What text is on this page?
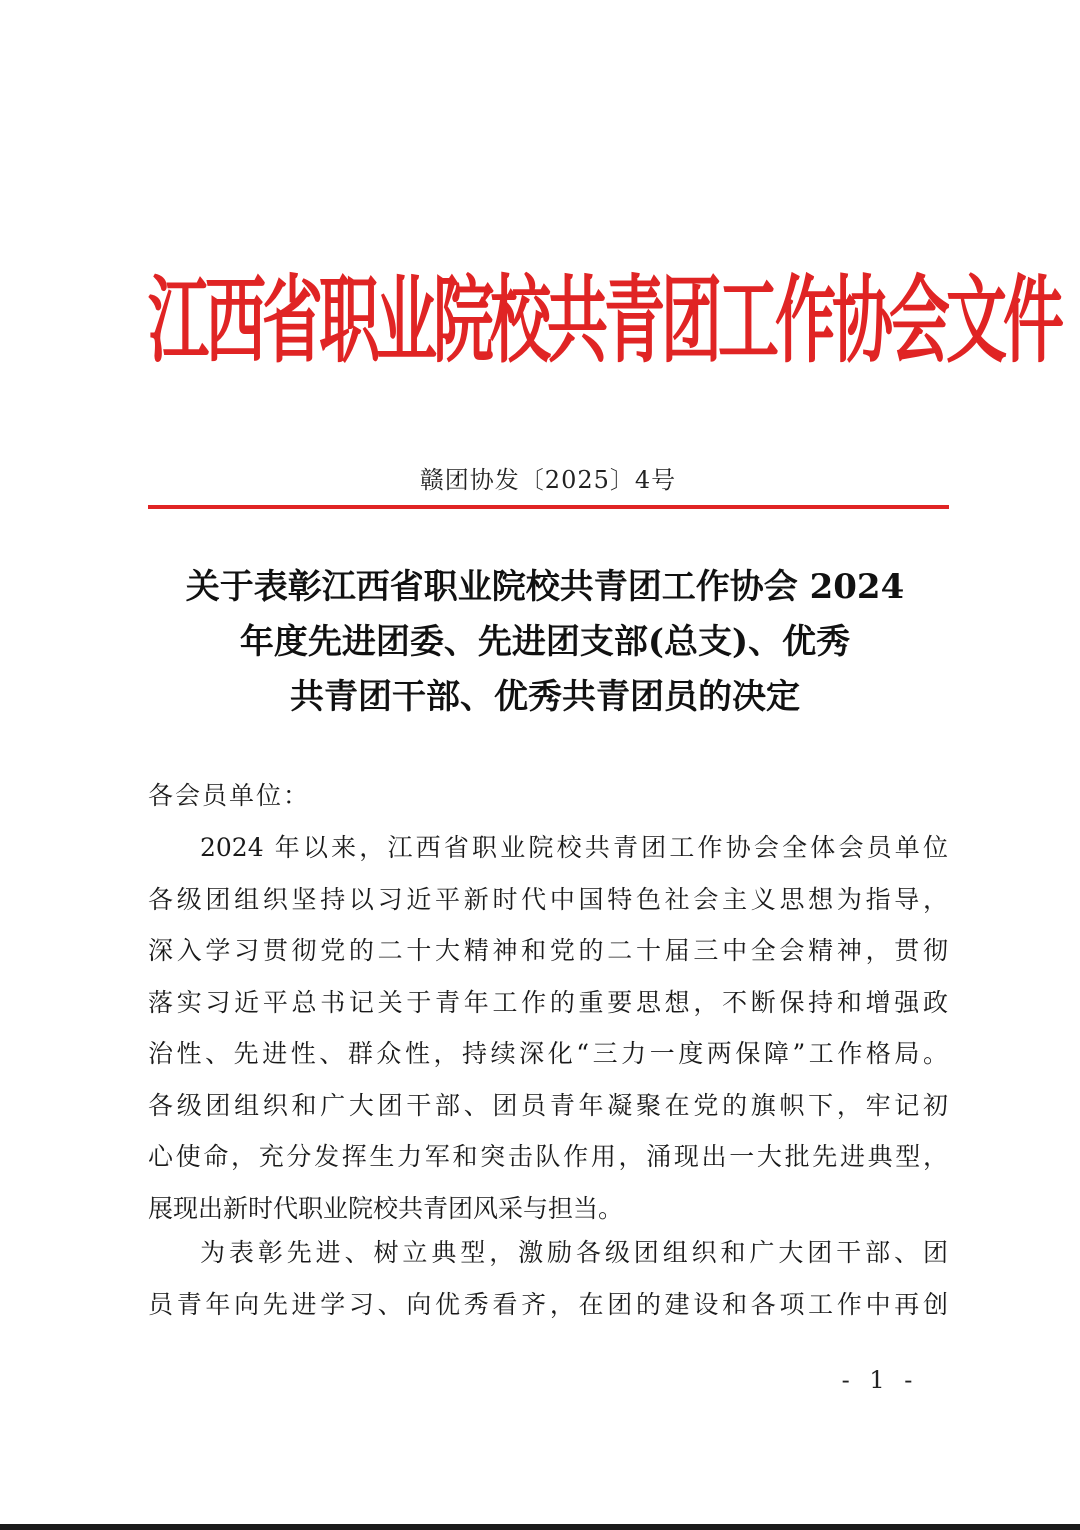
江西省职业院校共青团工作协会文件
赣团协发〔2025〕4号
关于表彰江西省职业院校共青团工作协会 2024
年度先进团委、先进团支部(总支)、优秀
共青团干部、优秀共青团员的决定
各会员单位：
2024 年以来，江西省职业院校共青团工作协会全体会员单位
各级团组织坚持以习近平新时代中国特色社会主义思想为指导，
深入学习贯彻党的二十大精神和党的二十届三中全会精神，贯彻
落实习近平总书记关于青年工作的重要思想，不断保持和增强政
治性、先进性、群众性，持续深化“三力一度两保障”工作格局。
各级团组织和广大团干部、团员青年凝聚在党的旗帜下，牢记初
心使命，充分发挥生力军和突击队作用，涌现出一大批先进典型，
展现出新时代职业院校共青团风采与担当。
为表彰先进、树立典型，激励各级团组织和广大团干部、团
员青年向先进学习、向优秀看齐，在团的建设和各项工作中再创
- 1 -
